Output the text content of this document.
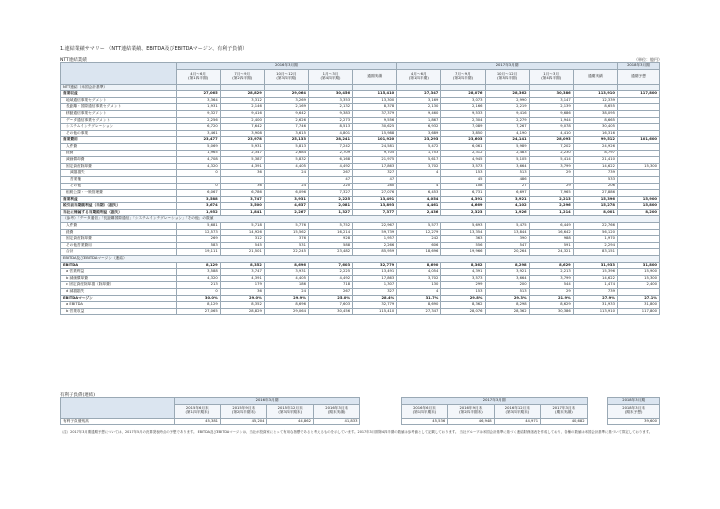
1.連結業績サマリー （ΝΤΤ連結業績、EBITDA及びEBITDAマージン、有利子負債）
NTT連結業績	（単位：億円）
	2016年3月期					2017年3月期					2018年3月期
	4月～6月
(第1四半期)	7月～9月
(第2四半期)	10月～12月
(第3四半期)	1月～3月
(第4四半期)	通期実績	4月～6月
(第1四半期)	7月～9月
(第2四半期)	10月～12月
(第3四半期)	1月～3月
(第4四半期)	通期実績	通期予想
NTT連結（米国会計基準）											
営業収益	27,065	28,829	29,064	30,456	115,410	27,347	28,076	28,362	30,386	113,910	117,800
地域通信事業セグメント	3,364	3,312	3,269	3,353	13,300	3,169	3,073	2,990	3,147	12,339	
長距離・国際通信事業セグメント	1,931	2,146	2,169	2,132	8,378	2,130	2,166	2,219	2,139	8,655	
移動通信事業セグメント	9,327	9,416	9,642	9,383	37,379	9,460	9,533	9,416	9,686	38,095	
データ通信事業セグメント	2,256	2,400	2,626	2,273	9,556	1,867	2,304	2,279	1,944	8,665	
システムインテグレーション	6,720	7,642	7,746	8,513	30,625	6,932	7,089	7,267	9,078	30,405	
その他の事業	3,461	3,908	3,615	4,801	15,988	3,689	3,850	4,190	4,410	16,316	
営業費用	23,477	23,978	25,133	28,241	101,920	23,293	23,603	24,141	28,093	99,512	101,600
人件費	5,069	5,931	5,813	7,242	24,581	5,472	6,061	5,989	7,202	24,926	
経費	1,965	2,347	2,684	2,709	9,705	1,753	2,312	2,483	2,230	8,797	
減価償却費	4,708	5,387	5,832	6,168	21,975	5,617	4,945	5,105	5,414	21,410	
固定資産除却費	4,320	4,391	4,405	4,492	17,863	3,702	3,573	3,664	3,799	14,622	15,300
減損損失	0	36	24	267	327	4	153	513	29	739	
営業権				47	47		45	486		533	
その他	0	36	24	220	280	4	108	27	29	206	
租税公課・一般管理費	6,067	6,786	6,096	7,327	27,076	6,453	6,731	6,697	7,965	27,886	
営業利益	3,588	3,747	3,931	2,225	13,491	4,054	4,391	3,921	2,213	15,396	15,900
税引前当期純利益（当期）（損失）	3,674	3,500	4,637	2,081	13,893	4,461	4,669	4,102	2,296	15,278	15,800
当社に帰属する当期純利益（損失）	1,952	1,841	2,267	1,327	7,377	2,436	2,323	1,926	1,214	8,001	8,200
（参考）「データ通信」「長距離国際通信」「システムインテグレーション」「その他」の数値											
人件費	5,681	5,718	5,776	5,752	22,967	5,577	5,693	5,475	6,449	22,766	
経費	12,573	14,926	15,562	16,214	59,739	12,279	13,354	13,844	16,642	56,120	
固定資産除却費	269	312	376	928	1,957	242	363	390	988	1,970	
その他営業費用	583	545	531	588	2,266	606	556	547	591	2,294	
合計	19,111	21,501	22,245	23,482	85,959	18,696	19,966	20,264	24,321	83,151	
EBITDA及びEBITDAマージン（連結）											
EBITDA	8,129	8,352	8,696	7,603	32,779	8,690	8,362	8,298	8,629	31,933	31,800
a 営業利益	3,588	3,747	3,931	2,225	13,491	4,054	4,391	3,921	2,213	15,396	15,900
b 減価償却費	4,320	4,391	4,405	4,492	17,863	3,702	3,573	3,664	3,799	14,622	15,300
c 固定資産除却損（除却費）	213	179	186	718	1,307	130	299	200	544	1,474	2,400
d 減損損失	0	36	24	267	327	4	153	513	29	739	
EBITDAマージン	30.0%	29.0%	29.9%	25.0%	28.4%	31.7%	29.8%	29.3%	21.9%	27.9%	27.1%
a EBITDA	8,129	8,352	8,696	7,603	32,779	8,690	8,362	8,298	8,629	31,933	31,800
b 営業収益	27,065	28,829	29,064	30,456	115,410	27,347	28,076	28,362	30,386	113,910	117,800
有利子負債(連結)
	2016年3月期					2017年3月期					2018年3月期
	2015年6月末
(第1四半期末)	2015年9月末
(第2四半期末)	2015年12月末
(第3四半期末)	2016年3月末
(期末実績)		2016年6月末
(第1四半期末)	2016年9月末
(第2四半期末)	2016年12月末
(第3四半期末)	2017年3月末
(期末実績)		2018年3月末
(期末予想)
有利子負債残高	45,381	45,204	44,862	41,833		45,536	46,948	44,971	40,682		39,600
（注）2017年3月期通期予想については、2017年5月の決算発表時点の予想であります。 EBITDA及びEBITDAマージンは、当社が投資家にとって有用な指標であると考えるものを示しています。2017年3月期第4四半期の数値は参考値として記載しております。 当社グループは米国会計基準に基づく連結財務諸表を作成しており、各種の数値は米国会計基準に基づいて算定しております。
